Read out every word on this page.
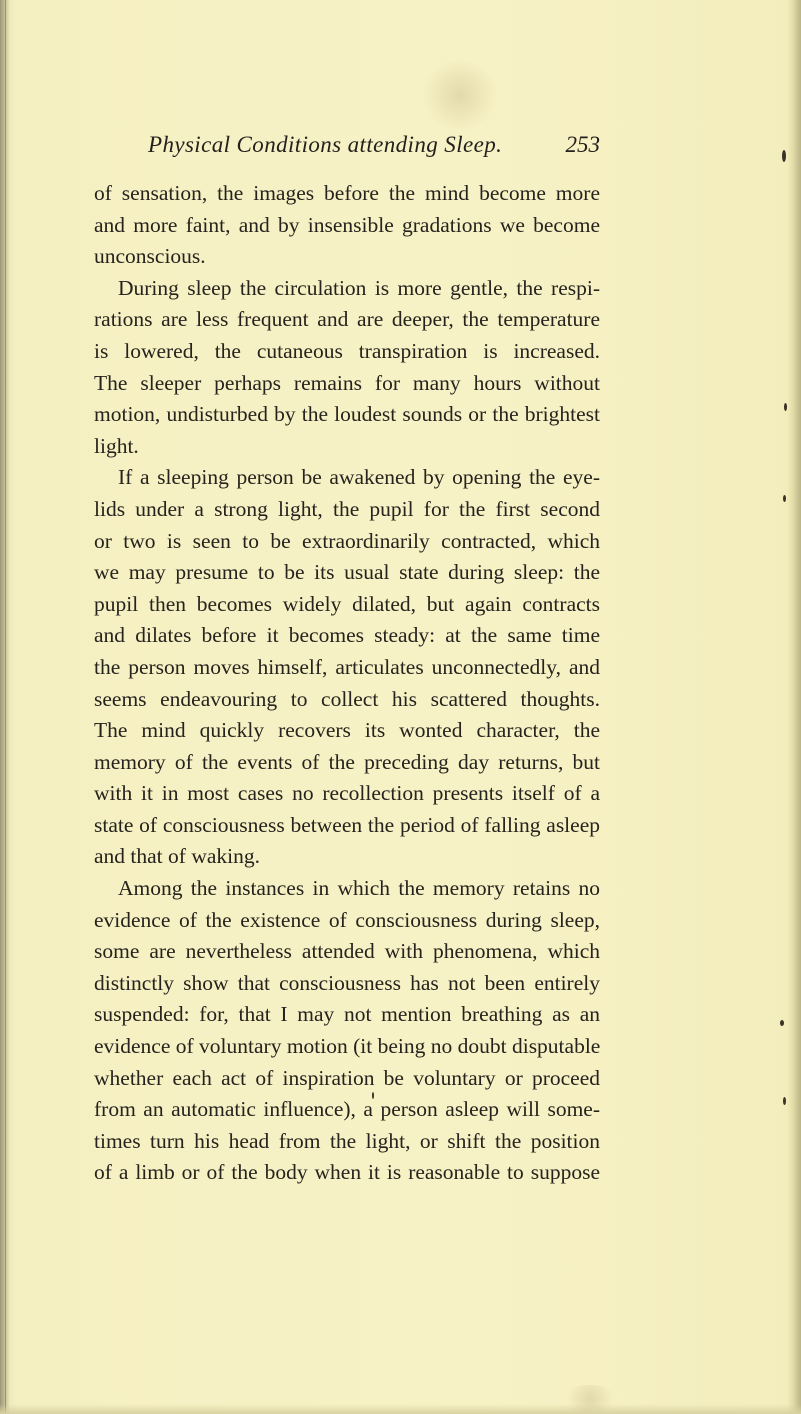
Physical Conditions attending Sleep.	253
of sensation, the images before the mind become more
and more faint, and by insensible gradations we become
unconscious.
During sleep the circulation is more gentle, the respi-
rations are less frequent and are deeper, the temperature
is lowered, the cutaneous transpiration is increased.
The sleeper perhaps remains for many hours without
motion, undisturbed by the loudest sounds or the brightest
light.
If a sleeping person be awakened by opening the eye-
lids under a strong light, the pupil for the first second
or two is seen to be extraordinarily contracted, which
we may presume to be its usual state during sleep: the
pupil then becomes widely dilated, but again contracts
and dilates before it becomes steady: at the same time
the person moves himself, articulates unconnectedly, and
seems endeavouring to collect his scattered thoughts.
The mind quickly recovers its wonted character, the
memory of the events of the preceding day returns, but
with it in most cases no recollection presents itself of a
state of consciousness between the period of falling asleep
and that of waking.
Among the instances in which the memory retains no
evidence of the existence of consciousness during sleep,
some are nevertheless attended with phenomena, which
distinctly show that consciousness has not been entirely
suspended: for, that I may not mention breathing as an
evidence of voluntary motion (it being no doubt disputable
whether each act of inspiration be voluntary or proceed
from an automatic influence), a person asleep will some-
times turn his head from the light, or shift the position
of a limb or of the body when it is reasonable to suppose
